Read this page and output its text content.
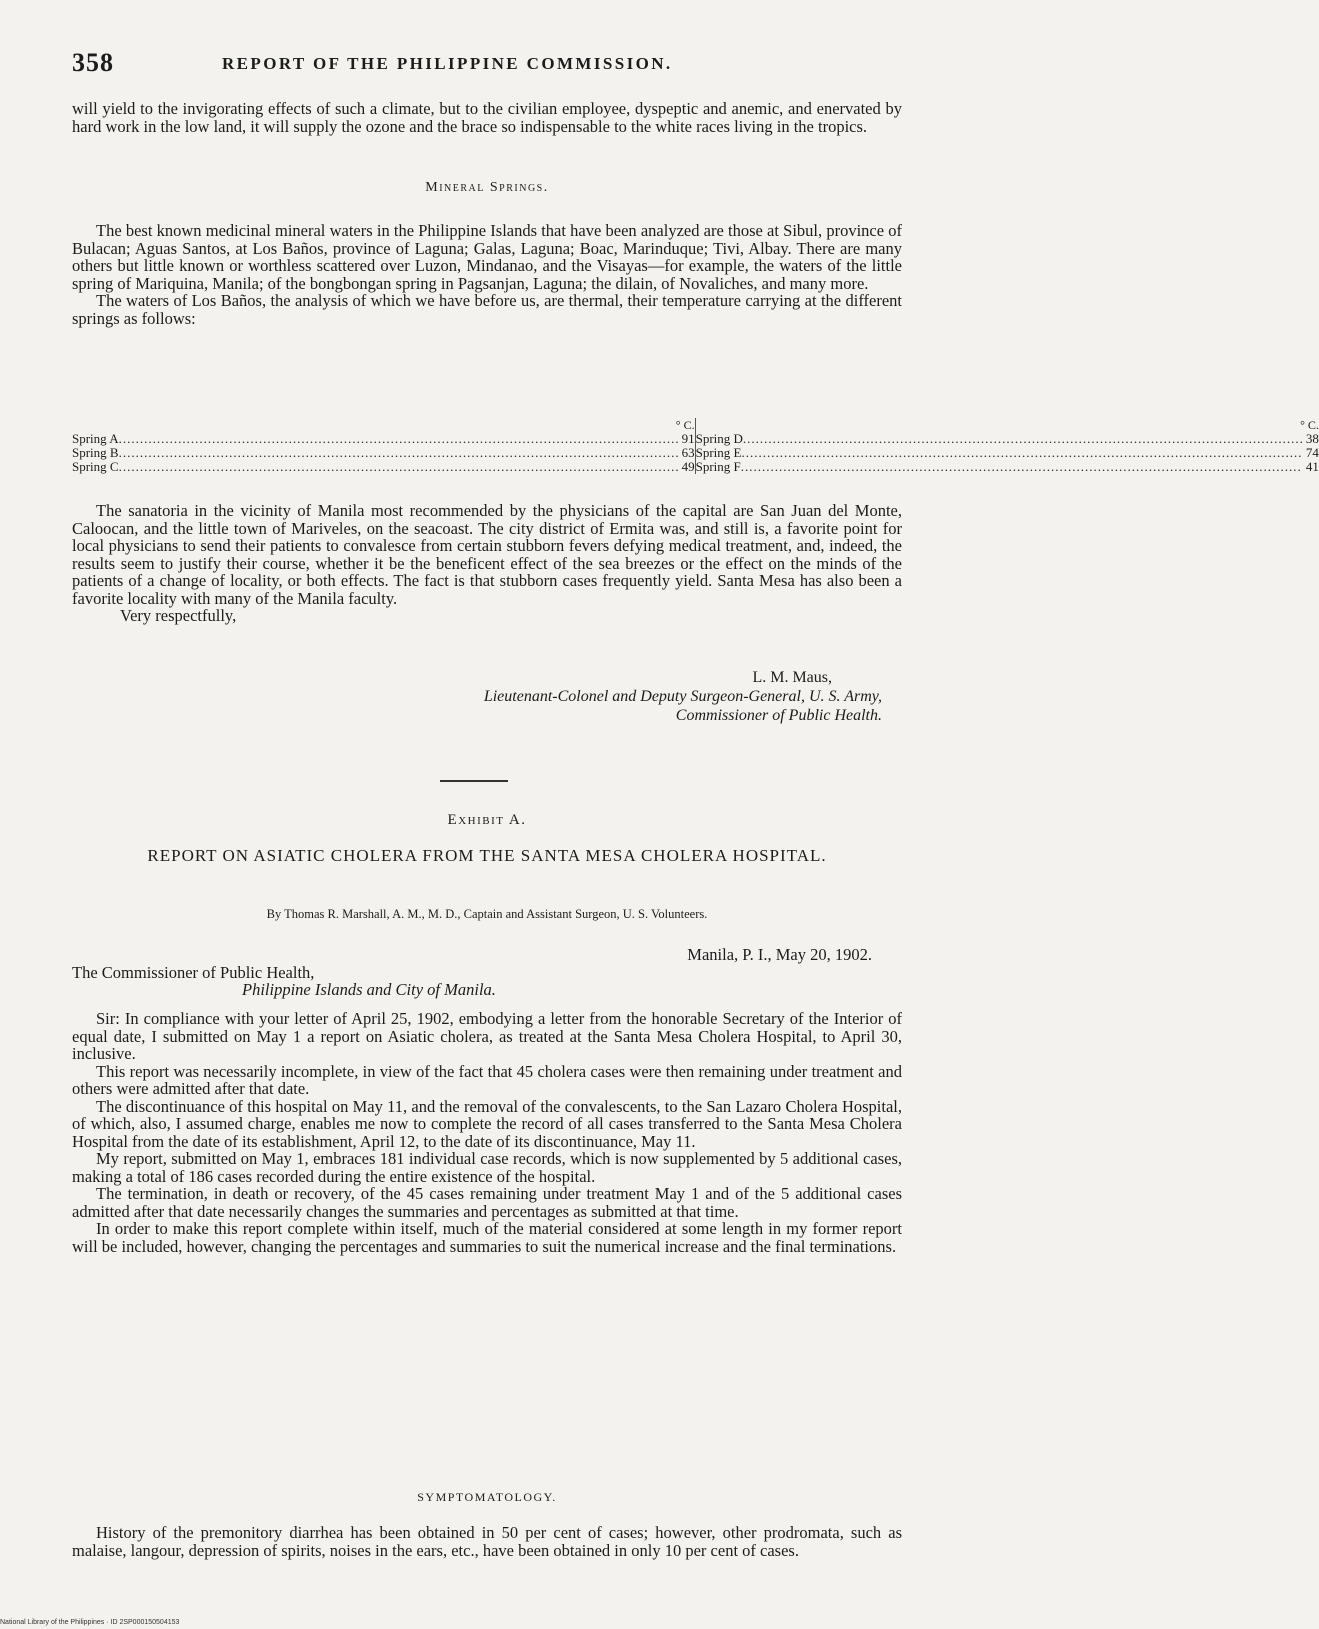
358	REPORT OF THE PHILIPPINE COMMISSION.

will yield to the invigorating effects of such a climate, but to the civilian employee, dyspeptic and anemic, and enervated by hard work in the low land, it will supply the ozone and the brace so indispensable to the white races living in the tropics.

Mineral Springs.

The best known medicinal mineral waters in the Philippine Islands that have been analyzed are those at Sibul, province of Bulacan; Aguas Santos, at Los Baños, province of Laguna; Galas, Laguna; Boac, Marinduque; Tivi, Albay. There are many others but little known or worthless scattered over Luzon, Mindanao, and the Visayas—for example, the waters of the little spring of Mariquina, Manila; of the bongbongan spring in Pagsanjan, Laguna; the dilain, of Novaliches, and many more.

The waters of Los Baños, the analysis of which we have before us, are thermal, their temperature carrying at the different springs as follows:

° C.
Spring A .....	91
Spring B .....	63
Spring C .....	49

° C.
Spring D .....	38
Spring E .....	74
Spring F .....	41

The sanatoria in the vicinity of Manila most recommended by the physicians of the capital are San Juan del Monte, Caloocan, and the little town of Mariveles, on the seacoast. The city district of Ermita was, and still is, a favorite point for local physicians to send their patients to convalesce from certain stubborn fevers defying medical treatment, and, indeed, the results seem to justify their course, whether it be the beneficent effect of the sea breezes or the effect on the minds of the patients of a change of locality, or both effects. The fact is that stubborn cases frequently yield. Santa Mesa has also been a favorite locality with many of the Manila faculty.

Very respectfully,

L. M. Maus,
Lieutenant-Colonel and Deputy Surgeon-General, U. S. Army,
Commissioner of Public Health.
Exhibit A.
REPORT ON ASIATIC CHOLERA FROM THE SANTA MESA CHOLERA HOSPITAL.
By Thomas R. Marshall, A. M., M. D., Captain and Assistant Surgeon, U. S. Volunteers.
Manila, P. I., May 20, 1902.
The Commissioner of Public Health,
Philippine Islands and City of Manila.

Sir: In compliance with your letter of April 25, 1902, embodying a letter from the honorable Secretary of the Interior of equal date, I submitted on May 1 a report on Asiatic cholera, as treated at the Santa Mesa Cholera Hospital, to April 30, inclusive.

This report was necessarily incomplete, in view of the fact that 45 cholera cases were then remaining under treatment and others were admitted after that date.

The discontinuance of this hospital on May 11, and the removal of the convalescents, to the San Lazaro Cholera Hospital, of which, also, I assumed charge, enables me now to complete the record of all cases transferred to the Santa Mesa Cholera Hospital from the date of its establishment, April 12, to the date of its discontinuance, May 11.

My report, submitted on May 1, embraces 181 individual case records, which is now supplemented by 5 additional cases, making a total of 186 cases recorded during the entire existence of the hospital.

The termination, in death or recovery, of the 45 cases remaining under treatment May 1 and of the 5 additional cases admitted after that date necessarily changes the summaries and percentages as submitted at that time.

In order to make this report complete within itself, much of the material considered at some length in my former report will be included, however, changing the percentages and summaries to suit the numerical increase and the final terminations.

SYMPTOMATOLOGY.

History of the premonitory diarrhea has been obtained in 50 per cent of cases; however, other prodromata, such as malaise, langour, depression of spirits, noises in the ears, etc., have been obtained in only 10 per cent of cases.

National Library of the Philippines · ID 2SP000150504153
